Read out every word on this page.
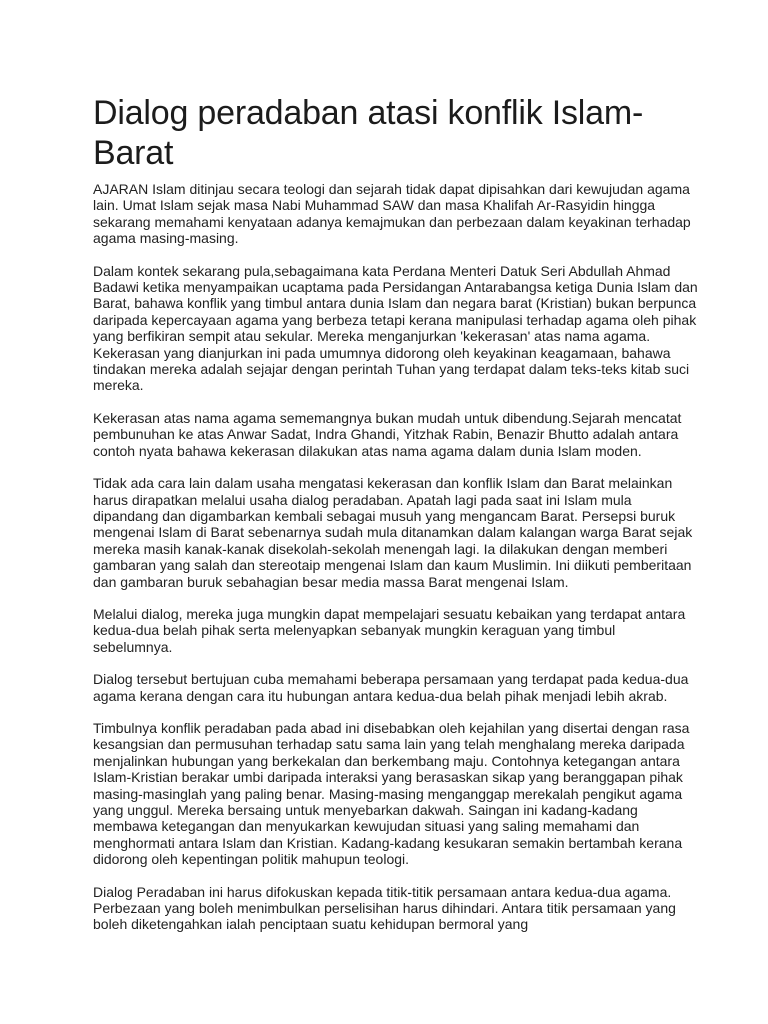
Dialog peradaban atasi konflik Islam-Barat

AJARAN Islam ditinjau secara teologi dan sejarah tidak dapat dipisahkan dari kewujudan agama lain. Umat Islam sejak masa Nabi Muhammad SAW dan masa Khalifah Ar-Rasyidin hingga sekarang memahami kenyataan adanya kemajmukan dan perbezaan dalam keyakinan terhadap agama masing-masing.

Dalam kontek sekarang pula,sebagaimana kata Perdana Menteri Datuk Seri Abdullah Ahmad Badawi ketika menyampaikan ucaptama pada Persidangan Antarabangsa ketiga Dunia Islam dan Barat, bahawa konflik yang timbul antara dunia Islam dan negara barat (Kristian) bukan berpunca daripada kepercayaan agama yang berbeza tetapi kerana manipulasi terhadap agama oleh pihak yang berfikiran sempit atau sekular. Mereka menganjurkan 'kekerasan' atas nama agama. Kekerasan yang dianjurkan ini pada umumnya didorong oleh keyakinan keagamaan, bahawa tindakan mereka adalah sejajar dengan perintah Tuhan yang terdapat dalam teks-teks kitab suci mereka.

Kekerasan atas nama agama sememangnya bukan mudah untuk dibendung.Sejarah mencatat pembunuhan ke atas Anwar Sadat, Indra Ghandi, Yitzhak Rabin, Benazir Bhutto adalah antara contoh nyata bahawa kekerasan dilakukan atas nama agama dalam dunia Islam moden.

Tidak ada cara lain dalam usaha mengatasi kekerasan dan konflik Islam dan Barat melainkan harus dirapatkan melalui usaha dialog peradaban. Apatah lagi pada saat ini Islam mula dipandang dan digambarkan kembali sebagai musuh yang mengancam Barat. Persepsi buruk mengenai Islam di Barat sebenarnya sudah mula ditanamkan dalam kalangan warga Barat sejak mereka masih kanak-kanak disekolah-sekolah menengah lagi. Ia dilakukan dengan memberi gambaran yang salah dan stereotaip mengenai Islam dan kaum Muslimin. Ini diikuti pemberitaan dan gambaran buruk sebahagian besar media massa Barat mengenai Islam.

Melalui dialog, mereka juga mungkin dapat mempelajari sesuatu kebaikan yang terdapat antara kedua-dua belah pihak serta melenyapkan sebanyak mungkin keraguan yang timbul sebelumnya.

Dialog tersebut bertujuan cuba memahami beberapa persamaan yang terdapat pada kedua-dua agama kerana dengan cara itu hubungan antara kedua-dua belah pihak menjadi lebih akrab.

Timbulnya konflik peradaban pada abad ini disebabkan oleh kejahilan yang disertai dengan rasa kesangsian dan permusuhan terhadap satu sama lain yang telah menghalang mereka daripada menjalinkan hubungan yang berkekalan dan berkembang maju. Contohnya ketegangan antara Islam-Kristian berakar umbi daripada interaksi yang berasaskan sikap yang beranggapan pihak masing-masinglah yang paling benar. Masing-masing menganggap merekalah pengikut agama yang unggul. Mereka bersaing untuk menyebarkan dakwah. Saingan ini kadang-kadang membawa ketegangan dan menyukarkan kewujudan situasi yang saling memahami dan menghormati antara Islam dan Kristian. Kadang-kadang kesukaran semakin bertambah kerana didorong oleh kepentingan politik mahupun teologi.

Dialog Peradaban ini harus difokuskan kepada titik-titik persamaan antara kedua-dua agama. Perbezaan yang boleh menimbulkan perselisihan harus dihindari. Antara titik persamaan yang boleh diketengahkan ialah penciptaan suatu kehidupan bermoral yang
